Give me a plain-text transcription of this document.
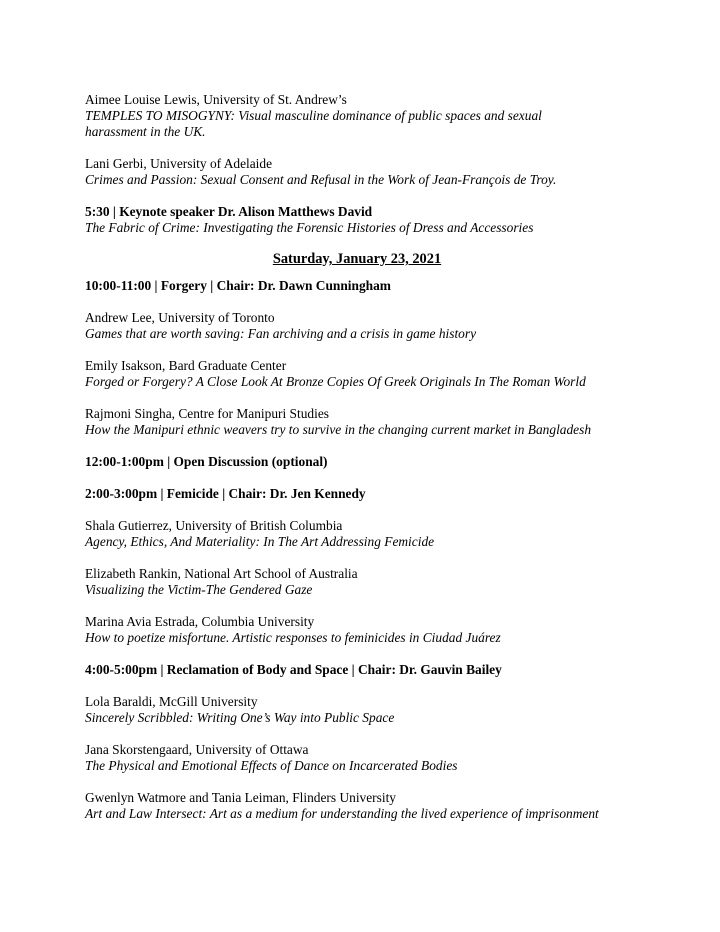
Aimee Louise Lewis, University of St. Andrew’s
TEMPLES TO MISOGYNY: Visual masculine dominance of public spaces and sexual
harassment in the UK.
Lani Gerbi, University of Adelaide
Crimes and Passion: Sexual Consent and Refusal in the Work of Jean-François de Troy.
5:30 | Keynote speaker Dr. Alison Matthews David
The Fabric of Crime: Investigating the Forensic Histories of Dress and Accessories
Saturday, January 23, 2021
10:00-11:00 | Forgery | Chair: Dr. Dawn Cunningham
Andrew Lee, University of Toronto
Games that are worth saving: Fan archiving and a crisis in game history
Emily Isakson, Bard Graduate Center
Forged or Forgery? A Close Look At Bronze Copies Of Greek Originals In The Roman World
Rajmoni Singha, Centre for Manipuri Studies
How the Manipuri ethnic weavers try to survive in the changing current market in Bangladesh
12:00-1:00pm | Open Discussion (optional)
2:00-3:00pm | Femicide | Chair: Dr. Jen Kennedy
Shala Gutierrez, University of British Columbia
Agency, Ethics, And Materiality: In The Art Addressing Femicide
Elizabeth Rankin, National Art School of Australia
Visualizing the Victim-The Gendered Gaze
Marina Avia Estrada, Columbia University
How to poetize misfortune. Artistic responses to feminicides in Ciudad Juárez
4:00-5:00pm | Reclamation of Body and Space | Chair: Dr. Gauvin Bailey
Lola Baraldi, McGill University
Sincerely Scribbled: Writing One’s Way into Public Space
Jana Skorstengaard, University of Ottawa
The Physical and Emotional Effects of Dance on Incarcerated Bodies
Gwenlyn Watmore and Tania Leiman, Flinders University
Art and Law Intersect: Art as a medium for understanding the lived experience of imprisonment
